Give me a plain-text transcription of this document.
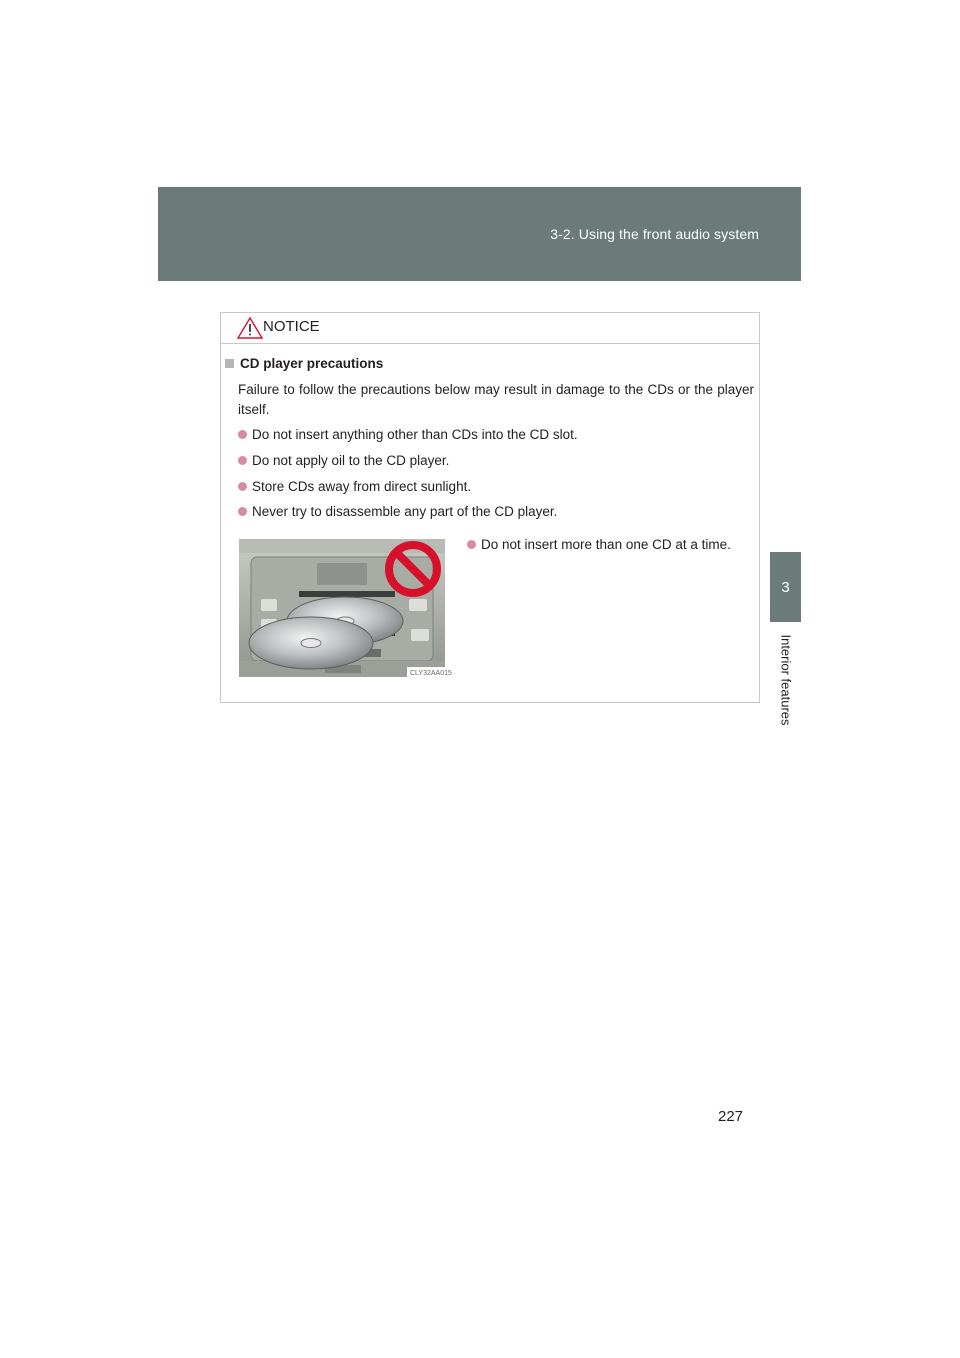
3-2. Using the front audio system
3
Interior features
NOTICE
CD player precautions
Failure to follow the precautions below may result in damage to the CDs or the player itself.
Do not insert anything other than CDs into the CD slot.
Do not apply oil to the CD player.
Store CDs away from direct sunlight.
Never try to disassemble any part of the CD player.
CLY32AA015
Do not insert more than one CD at a time.
227
